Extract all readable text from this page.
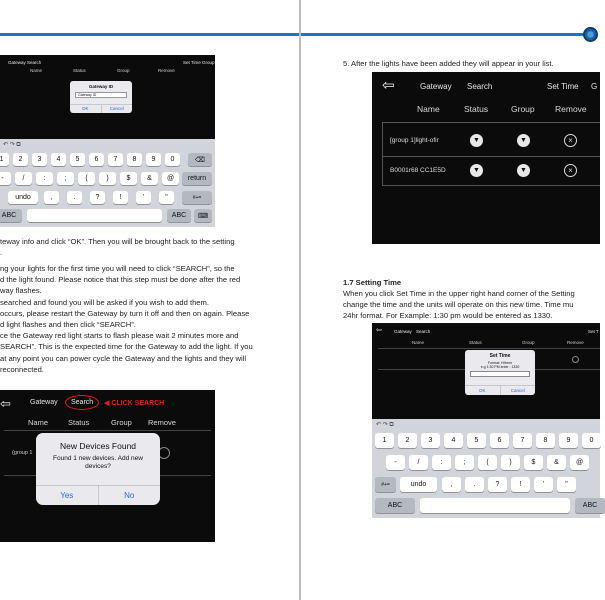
Gateway Search	Set Time Group
Name	Status	Group	Remove
Gateway ID
Gateway ID
OK	Cancel
↶ ↷ ⧉
⌫
return
#+=
ABC	ABC	⌨
1 2 3 4 5 6 7 8 9 0
-	/	:	;	(	)	$ & @
undo	,	.	?	!	'	"
teway info and click “OK”. Then you will be brought back to the setting
.
ng your lights for the first time you will need to click “SEARCH”, so the
d the light found. Please notice that this step must be done after the red
way flashes.
searched and found you will be asked if you wish to add them.
occurs, please restart the Gateway by turn it off and then on again. Please
d light flashes and then click “SEARCH”.
ce the Gateway red light starts to flash please wait 2 minutes more and
SEARCH”. This is the expected time for the Gateway to add the light. If you
at any point you can power cycle the Gateway and the lights and they will
reconnected.
⇦	Gateway Search ◀ CLICK SEARCH
Name	Status	Group Remove
(group 1
New Devices Found
Found 1 new devices. Add new devices?
Yes	No
5. After the lights have been added they will appear in your list.
⇦	Gateway Search	Set Time G
Name	Status	Group Remove
[group 1]light-ofir	▼	▼	×
B0001r68 CC1E5D	▼	▼	×
1.7 Setting Time
When you click Set Time in the upper right hand corner of the Setting
change the time and the units will operate on this new time. Time mu
24hr format. For Example: 1:30 pm would be entered as 1330.
⇦	Gateway Search	Set T
Name	Status	Group	Remove
Set Time
Format: HHmm
e.g 1:30 PM enter : 1330
OK	Cancel
↶ ↷ ⧉
#+=
ABC	ABC
1	2	3	4	5	6	7	8	9	0
-	/	:	;	(	)	$	& @
undo	,	.	?	!	'	"
